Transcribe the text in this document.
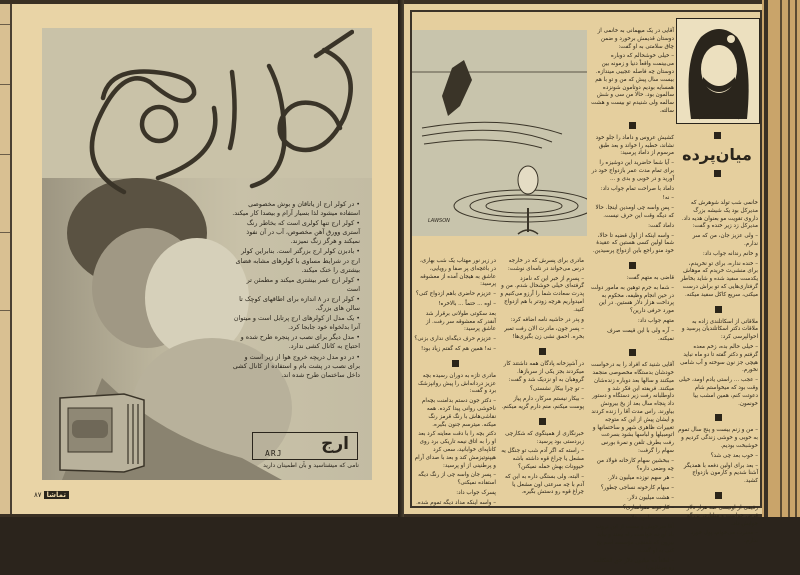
• در کولر ارج از یاتاقان و بوش مخصوصی استفاده میشود لذا بسیار آرام و بیصدا کار میکند.

• کولر ارج تنها کولری است که بخاطر رنگ آستری وورق آهن مخصوص، آب در آن نفوذ نمیکند و هرگز زنگ نمیزند.

• بادبزن کولر ارج بزرگتر است. بنابراین کولر ارج در شرایط مساوی با کولرهای مشابه فضای بیشتری را خنک میکند.

• کولر ارج عمر بیشتری میکند و مطمئن تر است

• کولر ارج در ۸ اندازه برای اطاقهای کوچک تا سالن های بزرگ.

• یک مدل از کولرهای ارج پرتابل است و میتوان آنرا بدلخواه خود جابجا کرد.

• مدل دیگر برای نصب در پنجره طرح شده و احتیاج به کانال کشی ندارد.

• در دو مدل دریچه خروج هوا از زیر است و برای نصب در پشت بام و استفاده از کانال کشی داخل ساختمان طرح شده اند.

ارج
ARJ
نامی که میشناسید و بآن اطمینان دارید
۸۷ تماشا
LAWSON

خانمی شب تولد شوهرش که مدیرکل بود یک شیشه بزرگ داروی تقویت مو بعنوان هدیه داد. مدیرکل زد زیر خنده و گفت:

– ولی عزیز جان، من که سر ندارم.

و خانم رندانه جواب داد:

– خنده نداره، برای تو نخریدم، برای منشی‌ت خریدم که‌ موهاش یکدست سفید شده و شاید بخاطر گرفتاری‌هایی که تو براش درست میکنی، سریع کاکل سفید میکنه.

ملاقاتی از اسکاتلندی زاده به ملاقات دکتر اسکاتلندیان پرسید و احوالپرسی کرد:

– خیلی حالم بده، زخم معده گرفتم و دکتر گفته تا دو ماه نباید هیچی جز نون سوخته و آب شامی نخورم.

– عجب ... راستی یادم اومد، خیلی وقت بود که میخواستم شام دعوتت کنم، همین امشب بیا خونمون.

– من و زنم بیست و پنج سال تموم به خوبی و خوشی زندگی کردیم و خوشبخت بودیم.

– خوب بعد چی شد؟

– بعد برای اولین دفعه با همدیگر آشنا شدیم و کارمون بازدواج کشید.

رفیقی از اونیسی صد هزار دلار قرض خواست و میلیاردر بزرگه جوابش داد:

– معذرت می‌خوام، پول خورد ندارم.

میان‌پرده

آقایی در یک میهمانی به خانمی از دوستان قدیمش برخورد و ضمن چاق سلامتی به او گفت:

– خیلی خوشحالم که دوباره می‌بینمت واقعاً دنیا و زمونه بین دوستان چه فاصله عجیبی میندازه. بیست سال پیش که من و تو با هم همسایه بودیم دوتامون شونزده سالمون بود. حالا من سی و شش سالمه ولی شنیدم تو بیست و هشت سالته.

کشیش عروس و داماد را جلو خود نشاند، خطبه را خواند و بعد طبق مرسوم از داماد پرسید:

– آیا شما حاضرید این دوشیزه را برای تمام مدت عمر بازدواج خود در آورید و در خوبی و بدی و ...

داماد با صراحت تمام جواب داد:

– نه!

– پس واسه چی اومدین اینجا. حالا که دیگه وقت این حرف نیست.

داماد گفت:

– واسه اینکه از اول قضیه تا حالا، شما اولین کسی هستین که عقیدهٔ خود منو راجع باین ازدواج پرسیدین.

قاضی به متهم گفت:

– شما به جرم توهین به مامور دولت در حین انجام وظیفه، محکوم به پرداخت هزار دلار هستین. در این مورد حرفی دارین؟

متهم جواب داد:

– آره ولی با این قیمت صرف نمیکنه.

آقایی شنید که افراد را به درخواست خودشان بدستگاه مخصوصی منجمد میکنند و سالها بعد دوباره زنده‌شان میکنند. فریفته این فکر شد و داوطلبانه رفت زیر دستگاه و دستور داد پنجاه سال بعد از یخ بیرونش بیاورند. راس مدت آقا را زنده کردند و ایشان پیش از این که متوجه تغییرات ظاهری شهر و ساختمانها و اتومبیلها و لباسها بشود بسرعت رفت بطرف تلفن و نمرهٔ بورس سهام را گرفت:

– ببخشین سهام کارخانه فولاد من چه وضعی داره؟

– هر سهم نوزده میلیون دلار.

– سهام کارخونه نساجی چطور؟

– هشت میلیون دلار.

– کارخونه مقواسازی؟

– بیست میلیون دلار.

آقا سرخوش و مست از این ثروت باد آورده خواست راه بیفتد و بیاید بیرون که تلفنچی مؤسسه اسم یخ کنی به او گفت:

– لطفاً ده میلیون دلار حق المکالمه رو بپردازین!

مادری برای پسرش که در خارجه درس می‌خواند در نامه‌ای نوشت:

– پسرم از خبر این که نامزد گرفته‌ای خیلی خوشحال شدم. من و پدرت سعادت شما را آرزو می‌کنیم و امیدواریم هرچه زودتر با هم ازدواج کنید.

و پدر در حاشیه نامه اضافه کرد:

– پسر جون، مادرت الان رفت تمبر بخره. احمق نشی زن بگیری‌ها!

در آشپزخانه پادگان همه داشتند کار میکردند بجز یکی از سربازها. گروهبان به او نزدیک شد و گفت:

– تو چرا بیکار نشستی؟

– بیکار نیستم سرکار، دارم پیاز پوست میکنم، منم دارم گریه میکنم.

خبرنگاری از همینگوی که شکارچی زبردستی بود پرسید:

– راسته که اگر آدم شب تو جنگل یه مشعل یا چراغ قوه داشته باشه حیوونات بهش حمله نمیکنن؟

– البته، ولی بستگی داره به این که آدم با چه سرعتی اون مشعل یا چراغ قوه رو دستش بگیره.

در زیر نور مهتاب یک شب بهاری، در باغچه‌ای پر صفا و رویایی، عاشق به هیجان آمده از معشوقه پرسید:

– عزیزم حاضری باهم ازدواج کنی؟

– اوه ... حتماً ... بالاخره!

بعد سکوتی طولانی برقرار شد آنقدر که معشوقه سر رفت. از عاشق پرسید:

– عزیزم حرف دیگه‌ای نداری بزنی؟

– نه! همین هم که گفتم زیاد بود!

مادری تازه به دوران رسیده بچه عزیز دردانه‌اش را پیش روانپزشک برد و گفت:

– دکتر جون دستم بدامنت بچه‌ام ناخوشی روانی پیدا کرده. همه نقاشی‌هاش با رنگ قرمز رنگ میکنه. میترسم جنون بگیره.

دکتر بچه را با دقت معاینه کرد بعد او را به اتاق نیمه تاریکی برد روی کاناپه‌ای خوابانید، سعی کرد هیپنوتیزمش کند و بعد با صدای آرام و پرطنینی از او پرسید:

– پسر جان واسه چی از رنگ دیگه استفاده نمیکنی؟

پسرک جواب داد:

– واسه اینکه مداد دیگه تموم شده.
